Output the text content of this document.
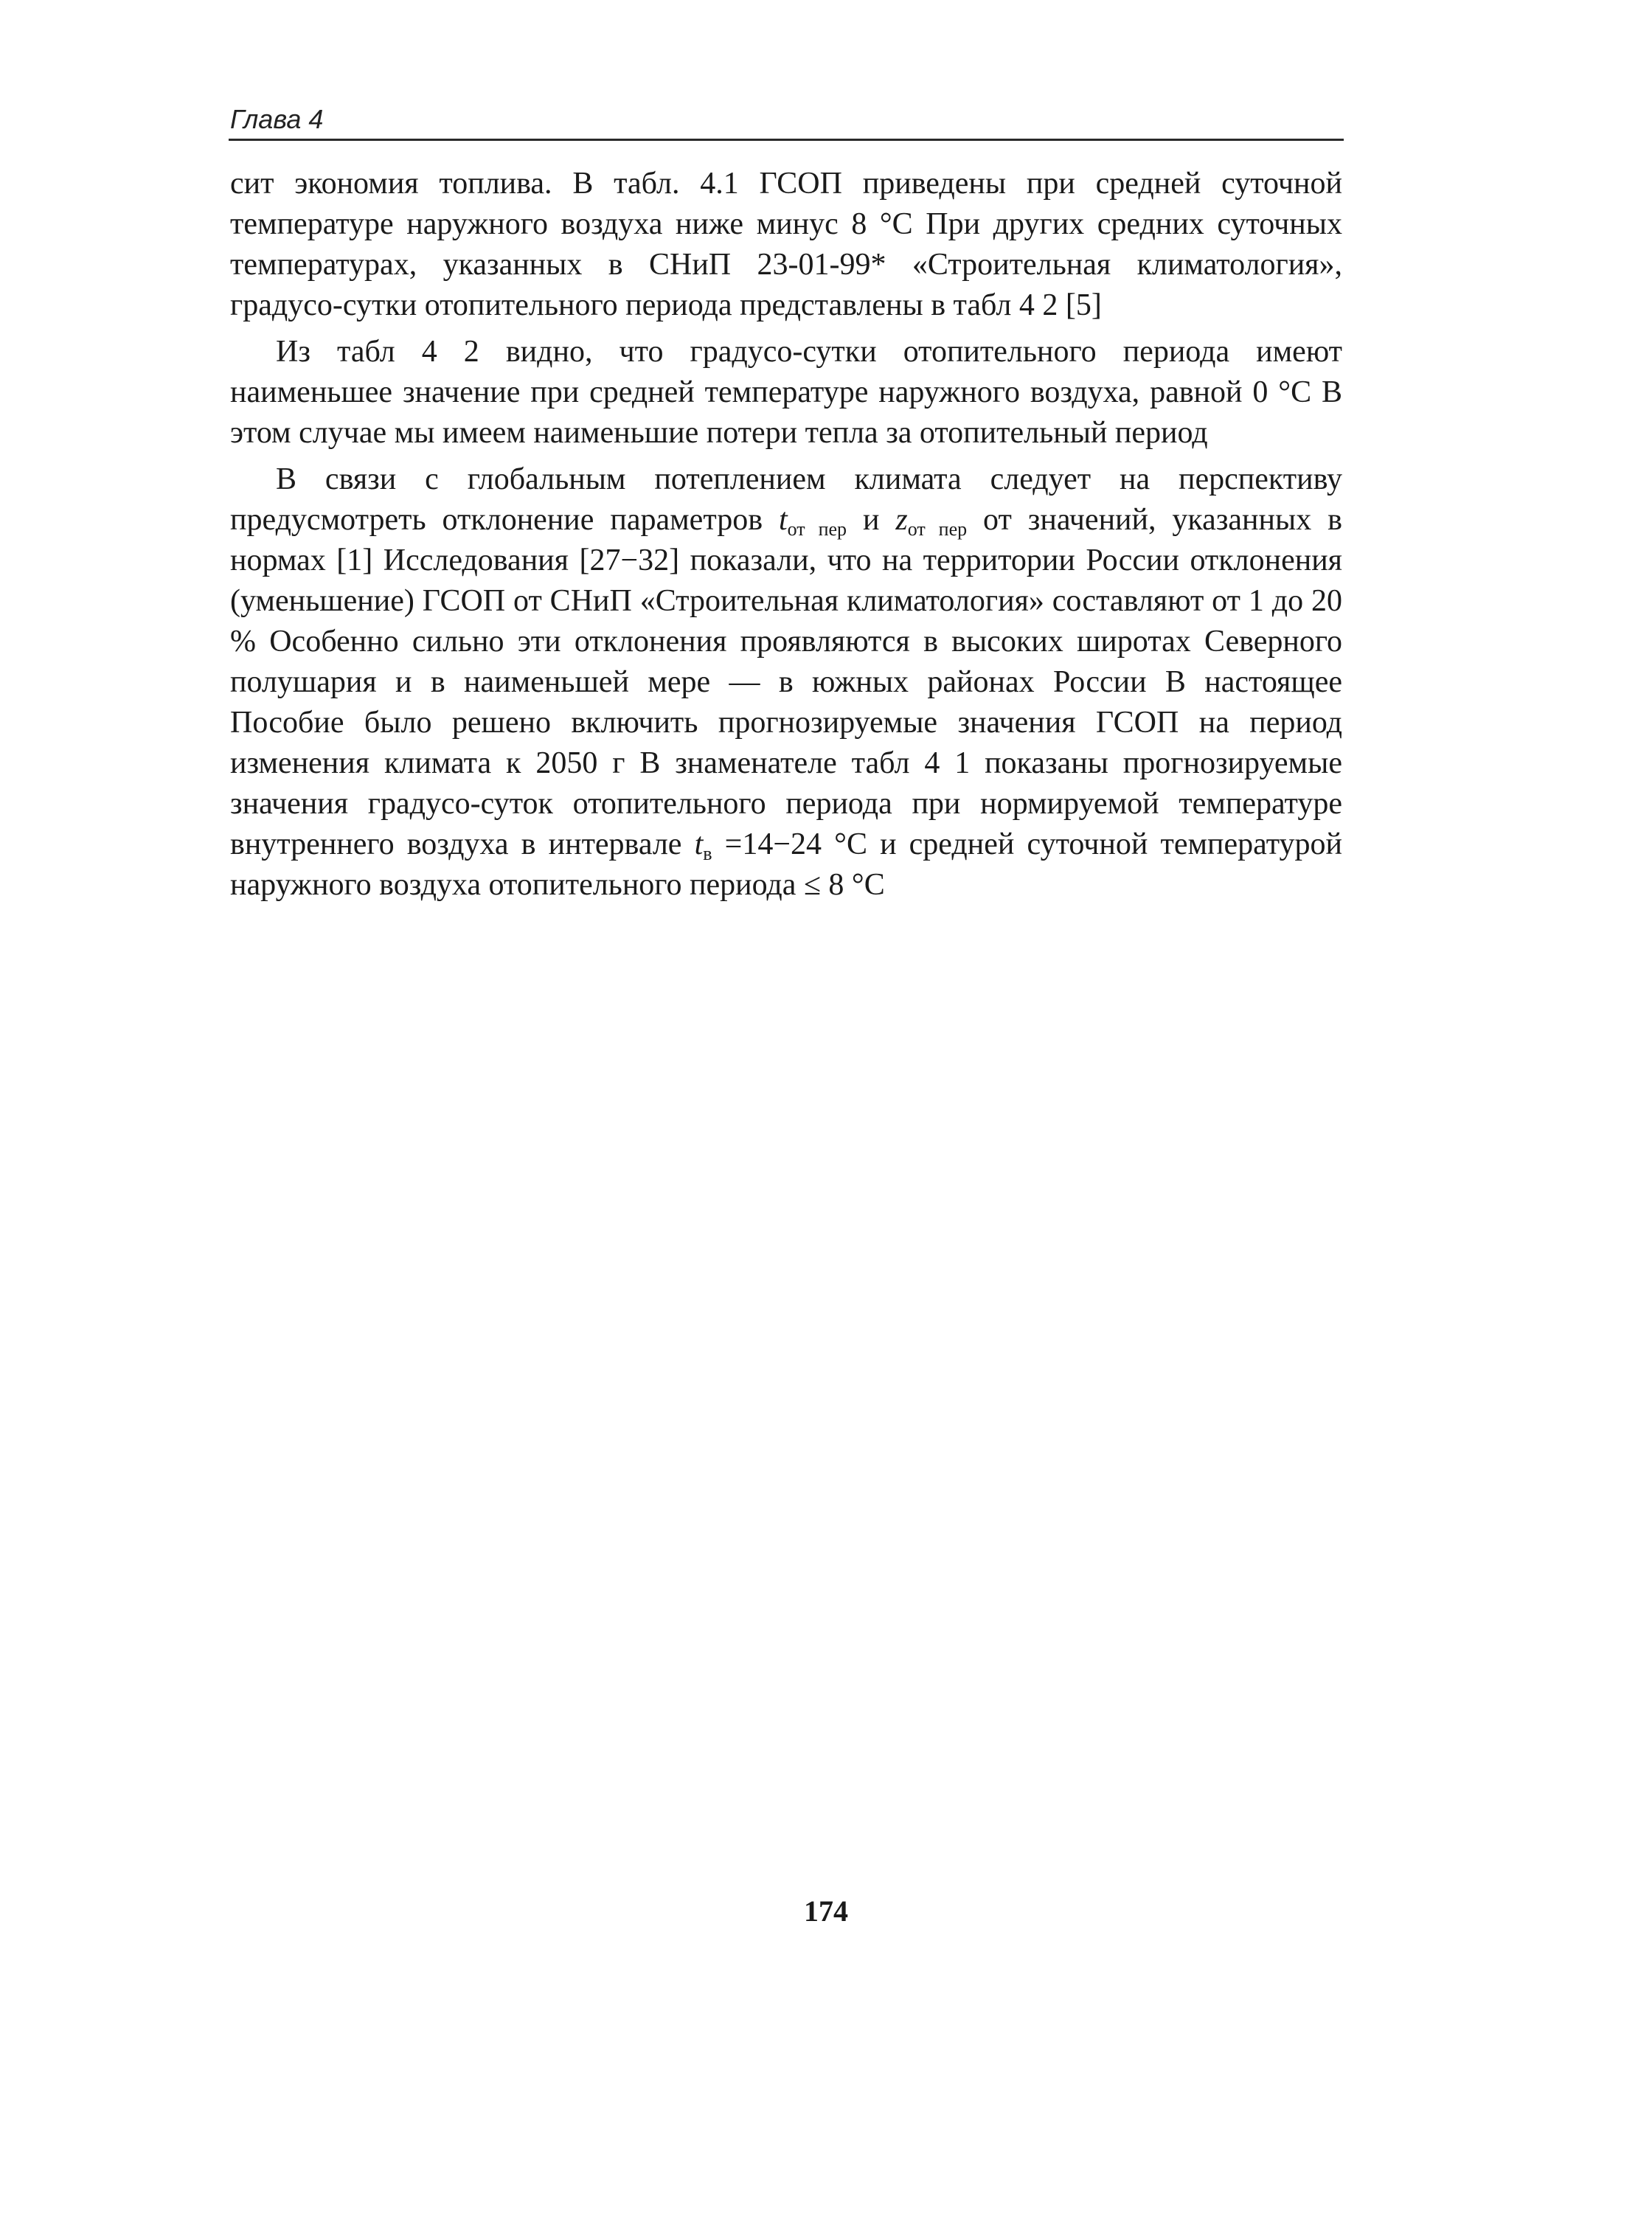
Глава 4

сит экономия топлива. В табл. 4.1 ГСОП приведены при средней суточной температуре наружного воздуха ниже минус 8 °С При других средних суточных температурах, указанных в СНиП 23-01-99* «Строительная климатология», градусо-сутки отопительного периода представлены в табл 4 2 [5]

Из табл 4 2 видно, что градусо-сутки отопительного периода имеют наименьшее значение при средней температуре наружного воздуха, равной 0 °С В этом случае мы имеем наименьшие потери тепла за отопительный период

В связи с глобальным потеплением климата следует на перспективу предусмотреть отклонение параметров $t_{от пер}$ и $z_{от пер}$ от значений, указанных в нормах [1] Исследования [27−32] показали, что на территории России отклонения (уменьшение) ГСОП от СНиП «Строительная климатология» составляют от 1 до 20 % Особенно сильно эти отклонения проявляются в высоких широтах Северного полушария и в наименьшей мере — в южных районах России В настоящее Пособие было решено включить прогнозируемые значения ГСОП на период изменения климата к 2050 г В знаменателе табл 4 1 показаны прогнозируемые значения градусо-суток отопительного периода при нормируемой температуре внутреннего воздуха в интервале $t_в =14-24$ °С и средней суточной температурой наружного воздуха отопительного периода ≤ 8 °С

174
